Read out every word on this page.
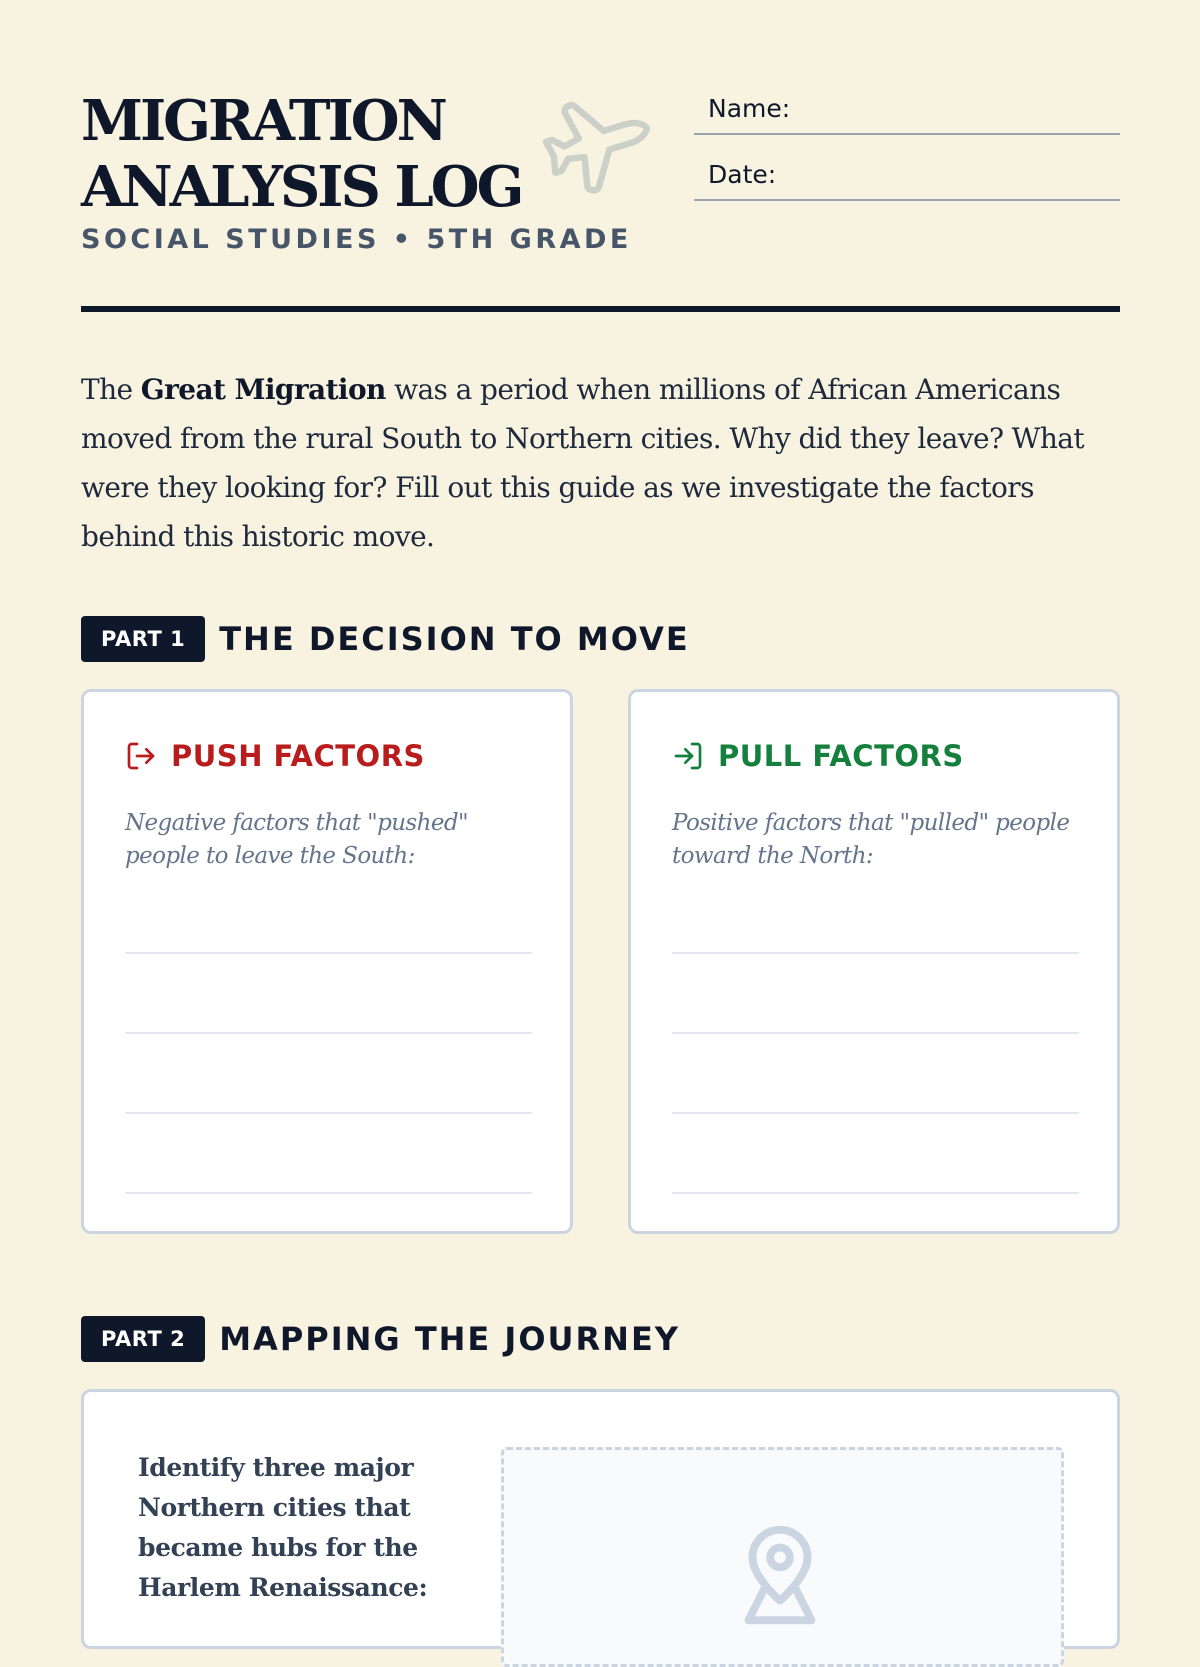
MIGRATION
ANALYSIS LOG
SOCIAL STUDIES • 5TH GRADE
Name:
Date:

The Great Migration was a period when millions of African Americans moved from the rural South to Northern cities. Why did they leave? What were they looking for? Fill out this guide as we investigate the factors behind this historic move.

PART 1	THE DECISION TO MOVE
PUSH FACTORS
Negative factors that "pushed" people to leave the South:
PULL FACTORS
Positive factors that "pulled" people toward the North:
PART 2	MAPPING THE JOURNEY
Identify three major Northern cities that became hubs for the Harlem Renaissance:
